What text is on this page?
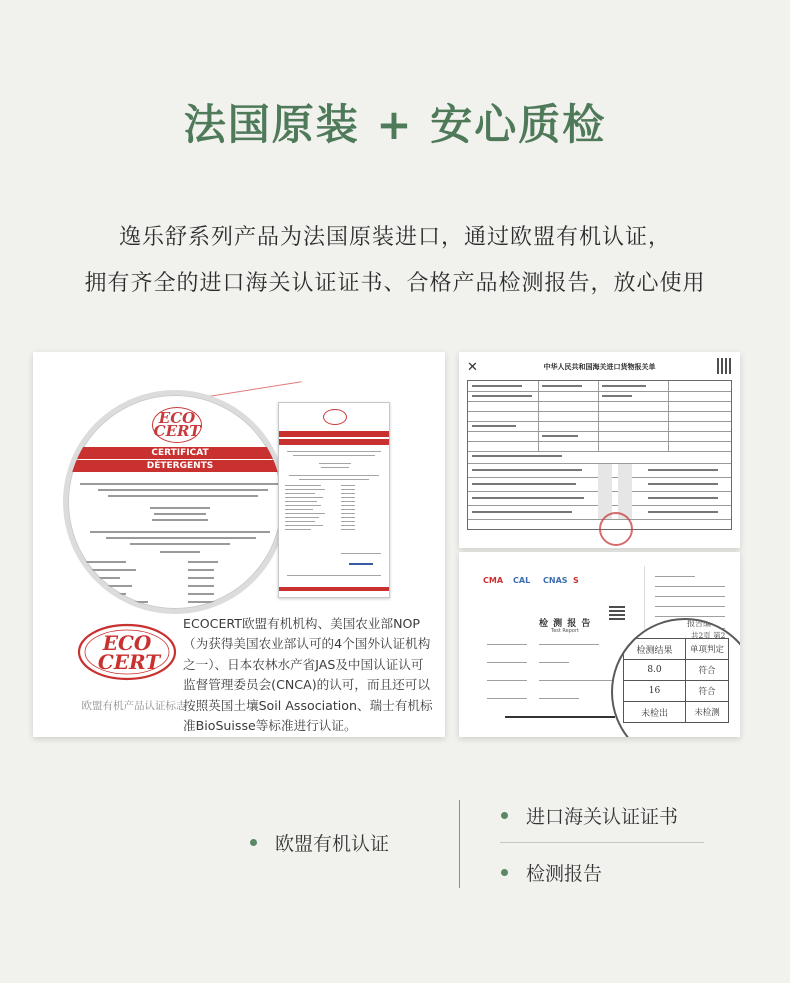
法国原装 + 安心质检

逸乐舒系列产品为法国原装进口，通过欧盟有机认证，

拥有齐全的进口海关认证证书、合格产品检测报告，放心使用

ECO
CERT
CERTIFICAT
DÉTERGENTS
ECO
CERT
欧盟有机产品认证标志
ECOCERT欧盟有机机构、美国农业部NOP（为获得美国农业部认可的4个国外认证机构之一）、日本农林水产省JAS及中国认证认可监督管理委员会(CNCA)的认可，而且还可以按照英国土壤Soil Association、瑞士有机标准BioSuisse等标准进行认证。
✕	中华人民共和国海关进口货物报关单
CMA CAL CNAS S
检 测 报 告
Test Report
报告编号: 0
检测结果	单项判定
8.0	符合
16	符合
未检出	未检测
共2页 第2
欧盟有机认证
进口海关认证证书
检测报告
